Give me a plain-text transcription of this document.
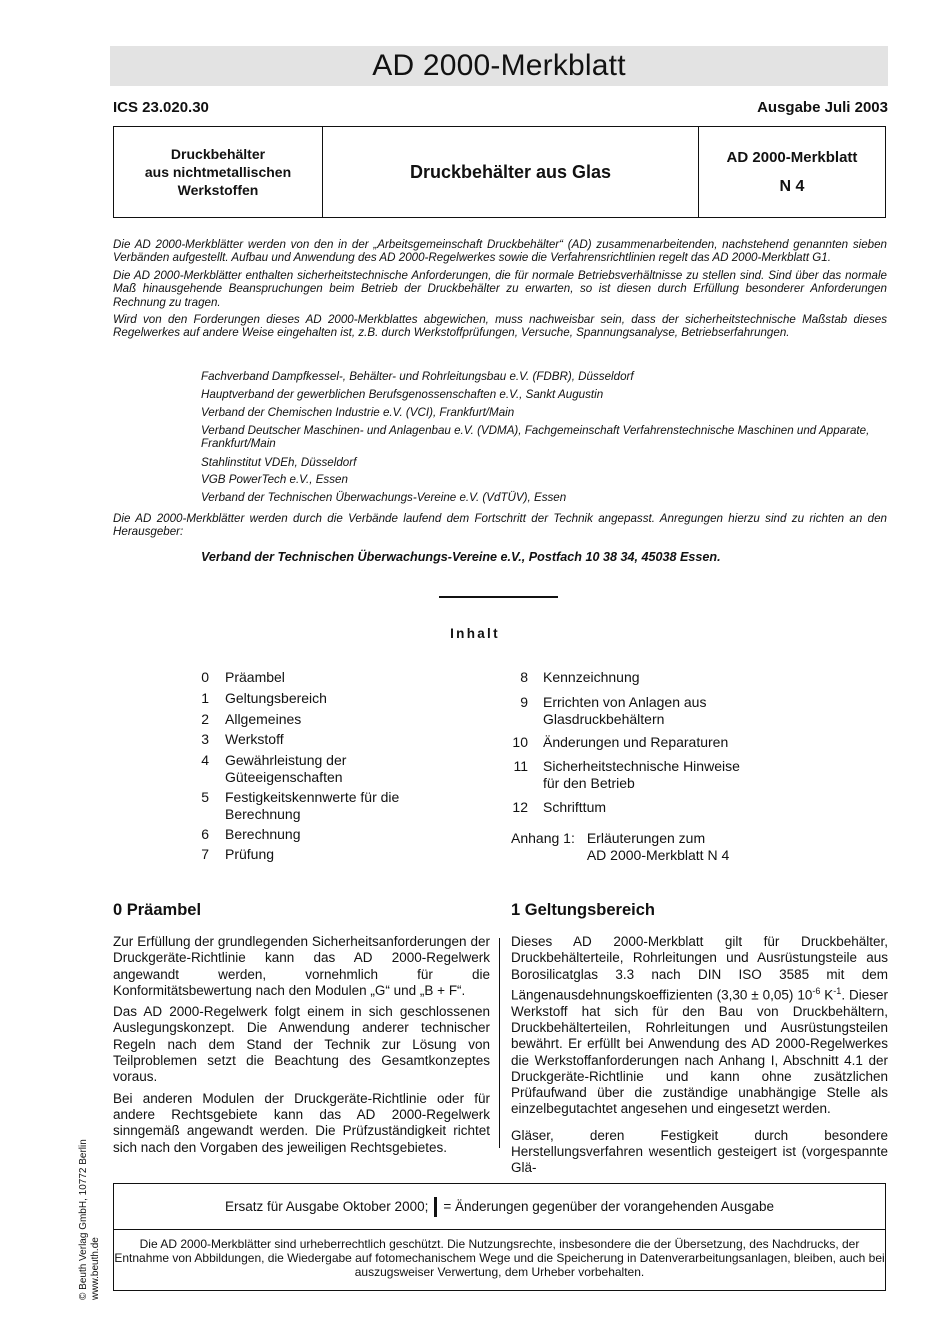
AD 2000-Merkblatt
ICS 23.020.30	Ausgabe Juli 2003
Druckbehälter
aus nichtmetallischen
Werkstoffen
Druckbehälter aus Glas
AD 2000-Merkblatt
N 4

Die AD 2000-Merkblätter werden von den in der „Arbeitsgemeinschaft Druckbehälter“ (AD) zusammenarbeitenden, nachstehend genannten sieben Verbänden aufgestellt. Aufbau und Anwendung des AD 2000-Regelwerkes sowie die Verfahrensrichtlinien regelt das AD 2000-Merkblatt G1.

Die AD 2000-Merkblätter enthalten sicherheitstechnische Anforderungen, die für normale Betriebsverhältnisse zu stellen sind. Sind über das normale Maß hinausgehende Beanspruchungen beim Betrieb der Druckbehälter zu erwarten, so ist diesen durch Erfüllung besonderer Anforderungen Rechnung zu tragen.

Wird von den Forderungen dieses AD 2000-Merkblattes abgewichen, muss nachweisbar sein, dass der sicherheitstechnische Maßstab dieses Regelwerkes auf andere Weise eingehalten ist, z.B. durch Werkstoffprüfungen, Versuche, Spannungsanalyse, Betriebserfahrungen.

Fachverband Dampfkessel-, Behälter- und Rohrleitungsbau e.V. (FDBR), Düsseldorf
Hauptverband der gewerblichen Berufsgenossenschaften e.V., Sankt Augustin
Verband der Chemischen Industrie e.V. (VCI), Frankfurt/Main
Verband Deutscher Maschinen- und Anlagenbau e.V. (VDMA), Fachgemeinschaft Verfahrenstechnische Maschinen und Apparate, Frankfurt/Main
Stahlinstitut VDEh, Düsseldorf
VGB PowerTech e.V., Essen
Verband der Technischen Überwachungs-Vereine e.V. (VdTÜV), Essen
Die AD 2000-Merkblätter werden durch die Verbände laufend dem Fortschritt der Technik angepasst. Anregungen hierzu sind zu richten an den Herausgeber:
Verband der Technischen Überwachungs-Vereine e.V., Postfach 10 38 34, 45038 Essen.
Inhalt
0 Präambel
1 Geltungsbereich
2 Allgemeines
3 Werkstoff
4 Gewährleistung der
Güteeigenschaften
5 Festigkeitskennwerte für die
Berechnung
6 Berechnung
7 Prüfung
8 Kennzeichnung
9 Errichten von Anlagen aus
Glasdruckbehältern
10 Änderungen und Reparaturen
11 Sicherheitstechnische Hinweise
für den Betrieb
12 Schrifttum
Anhang 1: Erläuterungen zum
AD 2000-Merkblatt N 4
0 Präambel

Zur Erfüllung der grundlegenden Sicherheitsanforderungen der Druckgeräte-Richtlinie kann das AD 2000-Regelwerk angewandt werden, vornehmlich für die Konformitätsbewertung nach den Modulen „G“ und „B + F“.

Das AD 2000-Regelwerk folgt einem in sich geschlossenen Auslegungskonzept. Die Anwendung anderer technischer Regeln nach dem Stand der Technik zur Lösung von Teilproblemen setzt die Beachtung des Gesamtkonzeptes voraus.

Bei anderen Modulen der Druckgeräte-Richtlinie oder für andere Rechtsgebiete kann das AD 2000-Regelwerk sinngemäß angewandt werden. Die Prüfzuständigkeit richtet sich nach den Vorgaben des jeweiligen Rechtsgebietes.

1 Geltungsbereich

Dieses AD 2000-Merkblatt gilt für Druckbehälter, Druckbehälterteile, Rohrleitungen und Ausrüstungsteile aus Borosilicatglas 3.3 nach DIN ISO 3585 mit dem Längenausdehnungskoeffizienten (3,30 ± 0,05) $10^{-6}$ $K^{-1}$. Dieser Werkstoff hat sich für den Bau von Druckbehältern, Druckbehälterteilen, Rohrleitungen und Ausrüstungsteilen bewährt. Er erfüllt bei Anwendung des AD 2000-Regelwerkes die Werkstoffanforderungen nach Anhang I, Abschnitt 4.1 der Druckgeräte-Richtlinie und kann ohne zusätzlichen Prüfaufwand über die zuständige unabhängige Stelle als einzelbegutachtet angesehen und eingesetzt werden.

Gläser, deren Festigkeit durch besondere Herstellungsverfahren wesentlich gesteigert ist (vorgespannte Glä-

© Beuth Verlag GmbH, 10772 Berlin www.beuth.de
Ersatz für Ausgabe Oktober 2000; = Änderungen gegenüber der vorangehenden Ausgabe
Die AD 2000-Merkblätter sind urheberrechtlich geschützt. Die Nutzungsrechte, insbesondere die der Übersetzung, des Nachdrucks, der Entnahme von Abbildungen, die Wiedergabe auf fotomechanischem Wege und die Speicherung in Datenverarbeitungsanlagen, bleiben, auch bei auszugsweiser Verwertung, dem Urheber vorbehalten.
